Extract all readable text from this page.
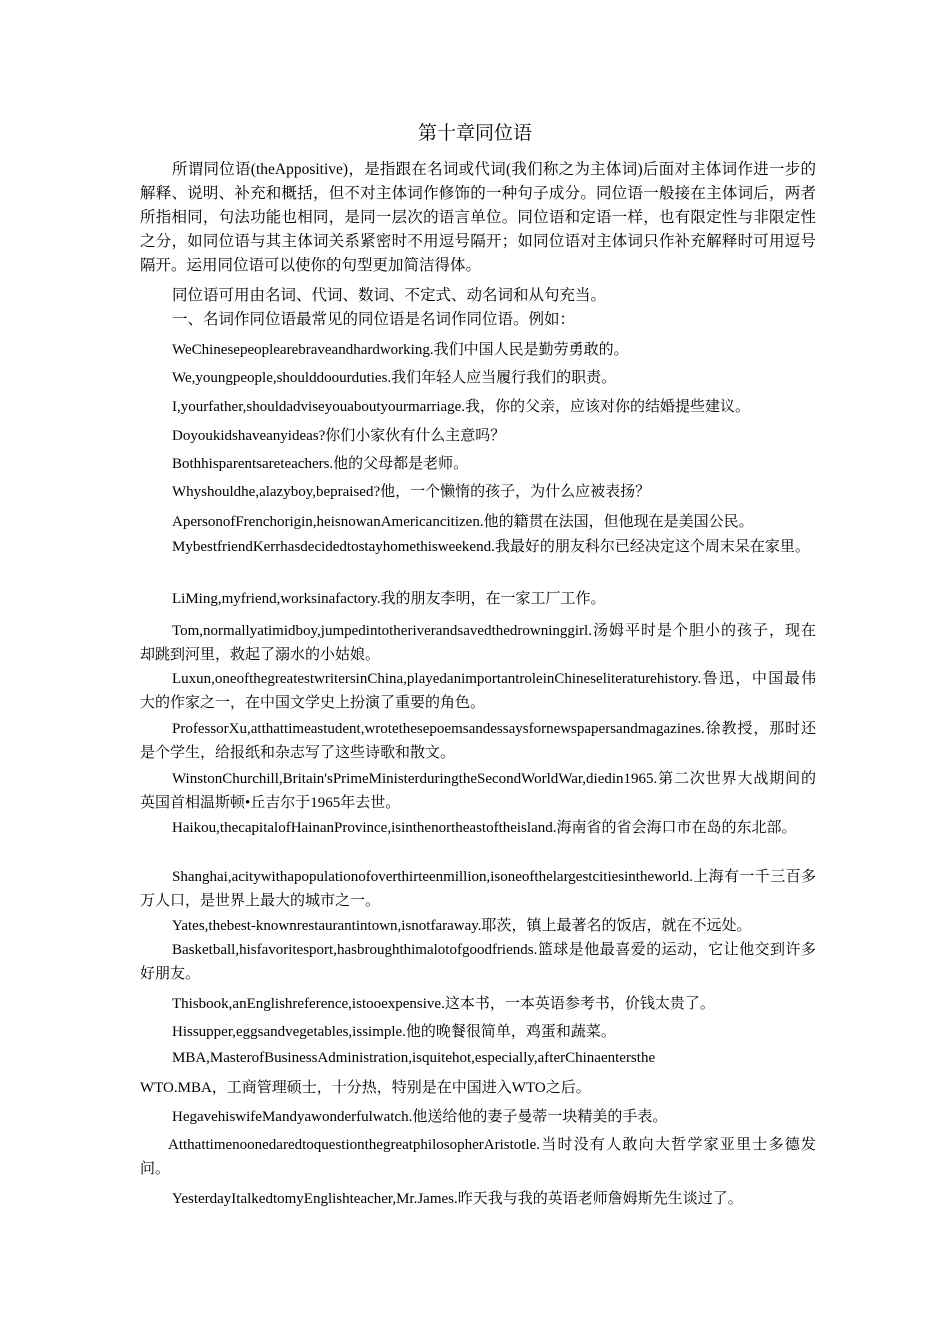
第十章同位语
所谓同位语(theAppositive)，是指跟在名词或代词(我们称之为主体词)后面对主体词作进一步的解释、说明、补充和概括，但不对主体词作修饰的一种句子成分。同位语一般接在主体词后，两者所指相同，句法功能也相同，是同一层次的语言单位。同位语和定语一样，也有限定性与非限定性之分，如同位语与其主体词关系紧密时不用逗号隔开；如同位语对主体词只作补充解释时可用逗号隔开。运用同位语可以使你的句型更加简洁得体。
同位语可用由名词、代词、数词、不定式、动名词和从句充当。
一、名词作同位语最常见的同位语是名词作同位语。例如：
WeChinesepeoplearebraveandhardworking.我们中国人民是勤劳勇敢的。
We,youngpeople,shoulddoourduties.我们年轻人应当履行我们的职责。
I,yourfather,shouldadviseyouaboutyourmarriage.我，你的父亲，应该对你的结婚提些建议。
Doyoukidshaveanyideas?你们小家伙有什么主意吗？
Bothhisparentsareteachers.他的父母都是老师。
Whyshouldhe,alazyboy,bepraised?他，一个懒惰的孩子，为什么应被表扬？
ApersonofFrenchorigin,heisnowanAmericancitizen.他的籍贯在法国，但他现在是美国公民。
MybestfriendKerrhasdecidedtostayhomethisweekend.我最好的朋友科尔已经决定这个周末呆在家里。
LiMing,myfriend,worksinafactory.我的朋友李明，在一家工厂工作。
Tom,normallyatimidboy,jumpedintotheriverandsavedthedrowninggirl.汤姆平时是个胆小的孩子，现在却跳到河里，救起了溺水的小姑娘。
Luxun,oneofthegreatestwritersinChina,playedanimportantroleinChineseliteraturehistory.鲁迅，中国最伟大的作家之一，在中国文学史上扮演了重要的角色。
ProfessorXu,atthattimeastudent,wrotethesepoemsandessaysfornewspapersandmagazines.徐教授，那时还是个学生，给报纸和杂志写了这些诗歌和散文。
WinstonChurchill,Britain'sPrimeMinisterduringtheSecondWorldWar,diedin1965.第二次世界大战期间的英国首相温斯顿•丘吉尔于1965年去世。
Haikou,thecapitalofHainanProvince,isinthenortheastoftheisland.海南省的省会海口市在岛的东北部。
Shanghai,acitywithapopulationofoverthirteenmillion,isoneofthelargestcitiesintheworld.上海有一千三百多万人口，是世界上最大的城市之一。
Yates,thebest-knownrestaurantintown,isnotfaraway.耶茨，镇上最著名的饭店，就在不远处。
Basketball,hisfavoritesport,hasbroughthimalotofgoodfriends.篮球是他最喜爱的运动，它让他交到许多好朋友。
Thisbook,anEnglishreference,istooexpensive.这本书，一本英语参考书，价钱太贵了。
Hissupper,eggsandvegetables,issimple.他的晚餐很简单，鸡蛋和蔬菜。
MBA,MasterofBusinessAdministration,isquitehot,especially,afterChinaentersthe
WTO.MBA，工商管理硕士，十分热，特别是在中国进入WTO之后。
HegavehiswifeMandyawonderfulwatch.他送给他的妻子曼蒂一块精美的手表。
AtthattimenoonedaredtoquestionthegreatphilosopherAristotle.当时没有人敢向大哲学家亚里士多德发问。
YesterdayItalkedtomyEnglishteacher,Mr.James.昨天我与我的英语老师詹姆斯先生谈过了。
